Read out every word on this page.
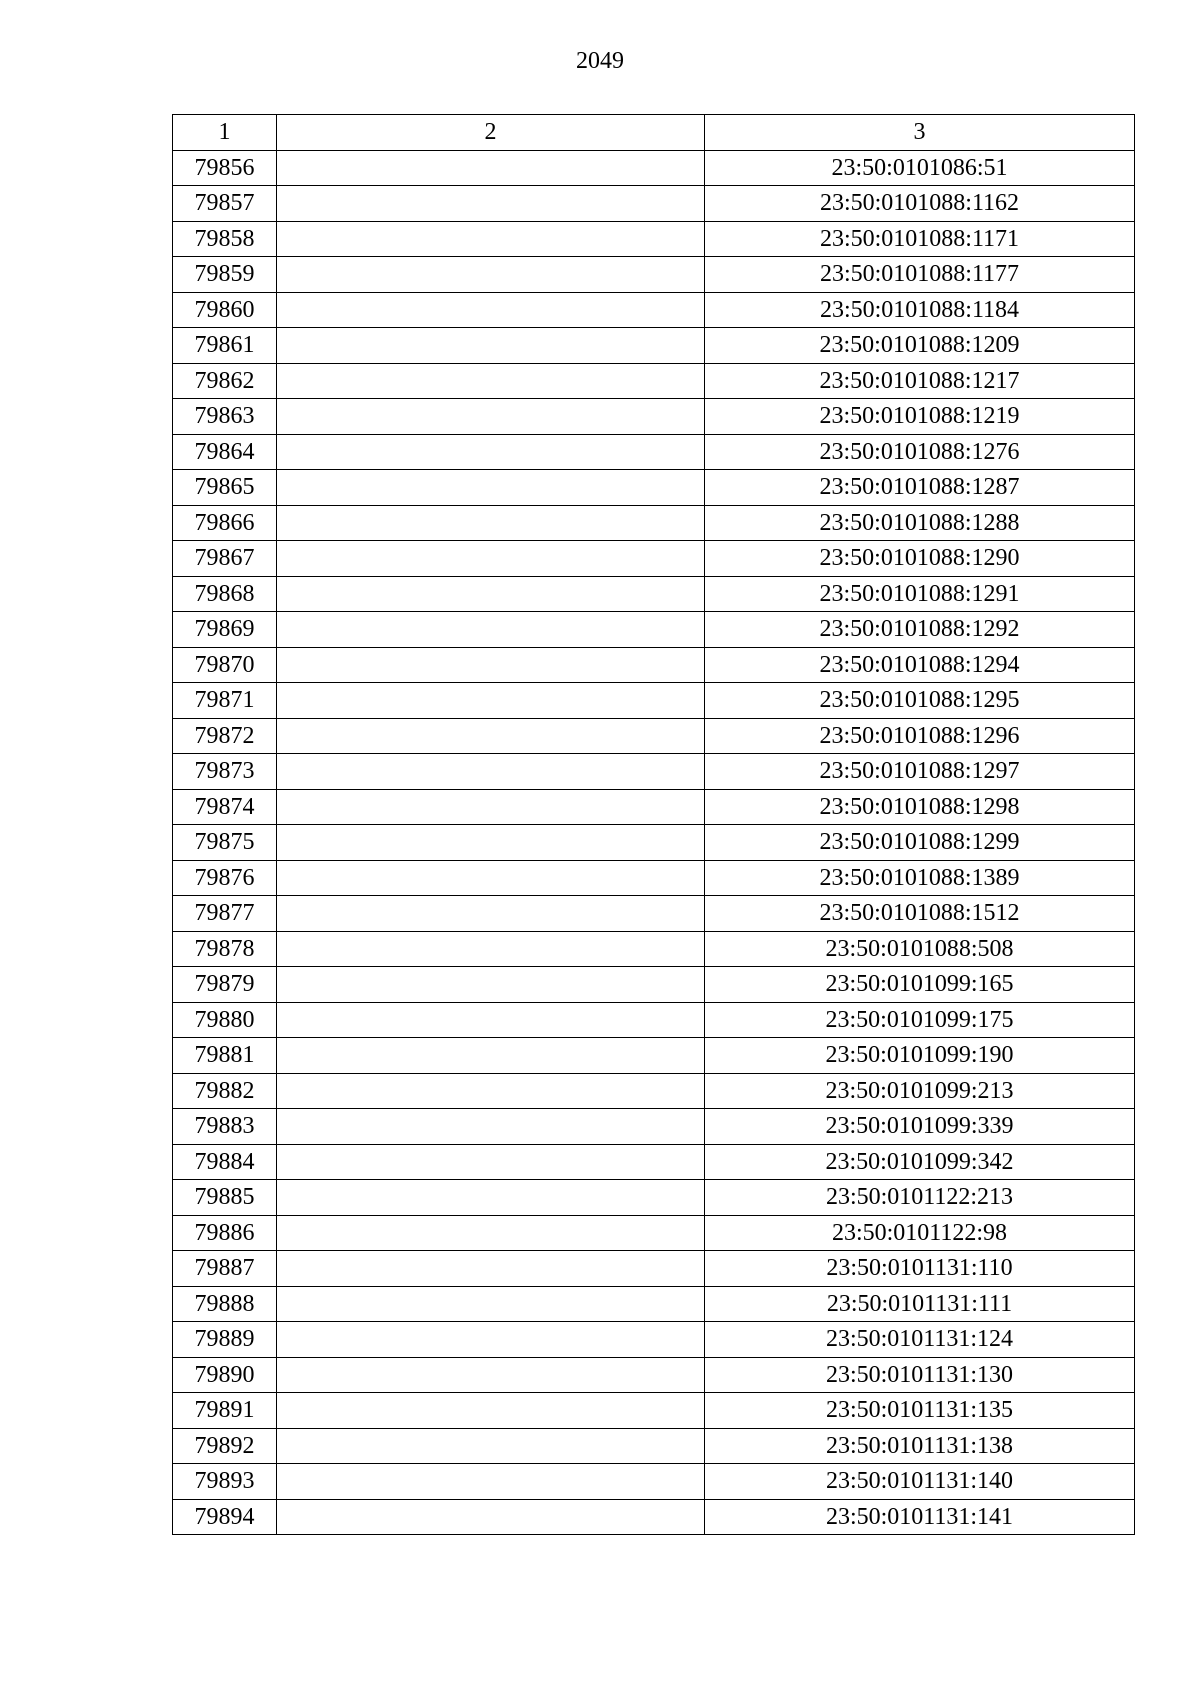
2049
1	2	3
79856		23:50:0101086:51
79857		23:50:0101088:1162
79858		23:50:0101088:1171
79859		23:50:0101088:1177
79860		23:50:0101088:1184
79861		23:50:0101088:1209
79862		23:50:0101088:1217
79863		23:50:0101088:1219
79864		23:50:0101088:1276
79865		23:50:0101088:1287
79866		23:50:0101088:1288
79867		23:50:0101088:1290
79868		23:50:0101088:1291
79869		23:50:0101088:1292
79870		23:50:0101088:1294
79871		23:50:0101088:1295
79872		23:50:0101088:1296
79873		23:50:0101088:1297
79874		23:50:0101088:1298
79875		23:50:0101088:1299
79876		23:50:0101088:1389
79877		23:50:0101088:1512
79878		23:50:0101088:508
79879		23:50:0101099:165
79880		23:50:0101099:175
79881		23:50:0101099:190
79882		23:50:0101099:213
79883		23:50:0101099:339
79884		23:50:0101099:342
79885		23:50:0101122:213
79886		23:50:0101122:98
79887		23:50:0101131:110
79888		23:50:0101131:111
79889		23:50:0101131:124
79890		23:50:0101131:130
79891		23:50:0101131:135
79892		23:50:0101131:138
79893		23:50:0101131:140
79894		23:50:0101131:141
